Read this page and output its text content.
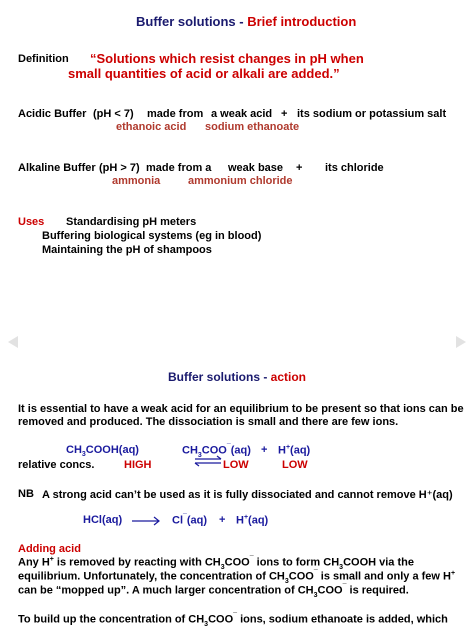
Buffer solutions - Brief introduction
Definition “Solutions which resist changes in pH when
small quantities of acid or alkali are added.”
Acidic Buffer (pH < 7) made from a weak acid + its sodium or potassium salt
ethanoic acid sodium ethanoate
Alkaline Buffer (pH > 7) made from a weak base + its chloride
ammonia	ammonium chloride
Uses Standardising pH meters
Buffering biological systems (eg in blood)
Maintaining the pH of shampoos
Buffer solutions - action
It is essential to have a weak acid for an equilibrium to be present so that ions can be
removed and produced. The dissociation is small and there are few ions.
$CH_3COOH(aq)$	$CH_3COO^¯(aq) + H^+(aq)$
relative concs.	HIGH	⇌ LOW	LOW
NB A strong acid can’t be used as it is fully dissociated and cannot remove H⁺(aq)
HCl(aq) → Cl¯(aq) + H+(aq)
Adding acid
Any H+ is removed by reacting with $CH_3COO^¯$ ions to form $CH_3COOH$ via the
equilibrium. Unfortunately, the concentration of $CH_3COO^¯$ is small and only a few H+
can be “mopped up”. A much larger concentration of $CH_3COO^¯$ is required.
To build up the concentration of $CH_3COO^¯$ ions, sodium ethanoate is added, which
